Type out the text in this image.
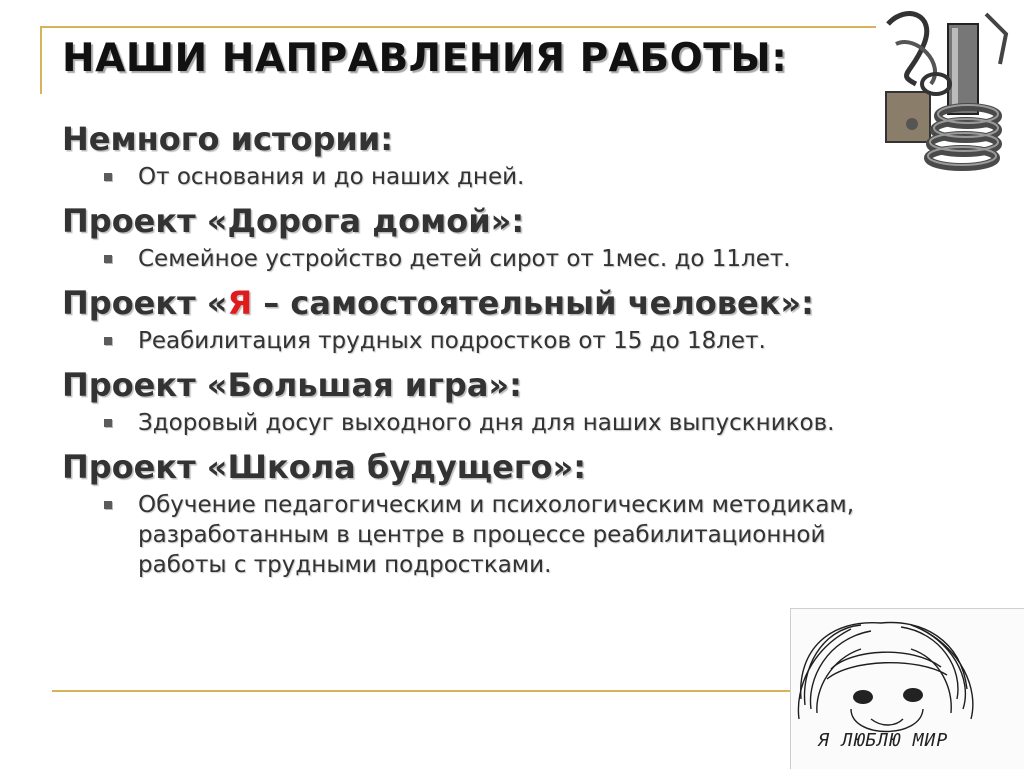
НАШИ НАПРАВЛЕНИЯ РАБОТЫ:

Немного истории:

От основания и до наших дней.

Проект «Дорога домой»:

Семейное устройство детей сирот от 1мес. до 11лет.

Проект «Я – самостоятельный человек»:

Реабилитация трудных подростков от 15 до 18лет.

Проект «Большая игра»:

Здоровый досуг выходного дня для наших выпускников.

Проект «Школа будущего»:

Обучение педагогическим и психологическим методикам,
разработанным в центре в процессе реабилитационной
работы с трудными подростками.
Я ЛЮБЛЮ МИР
